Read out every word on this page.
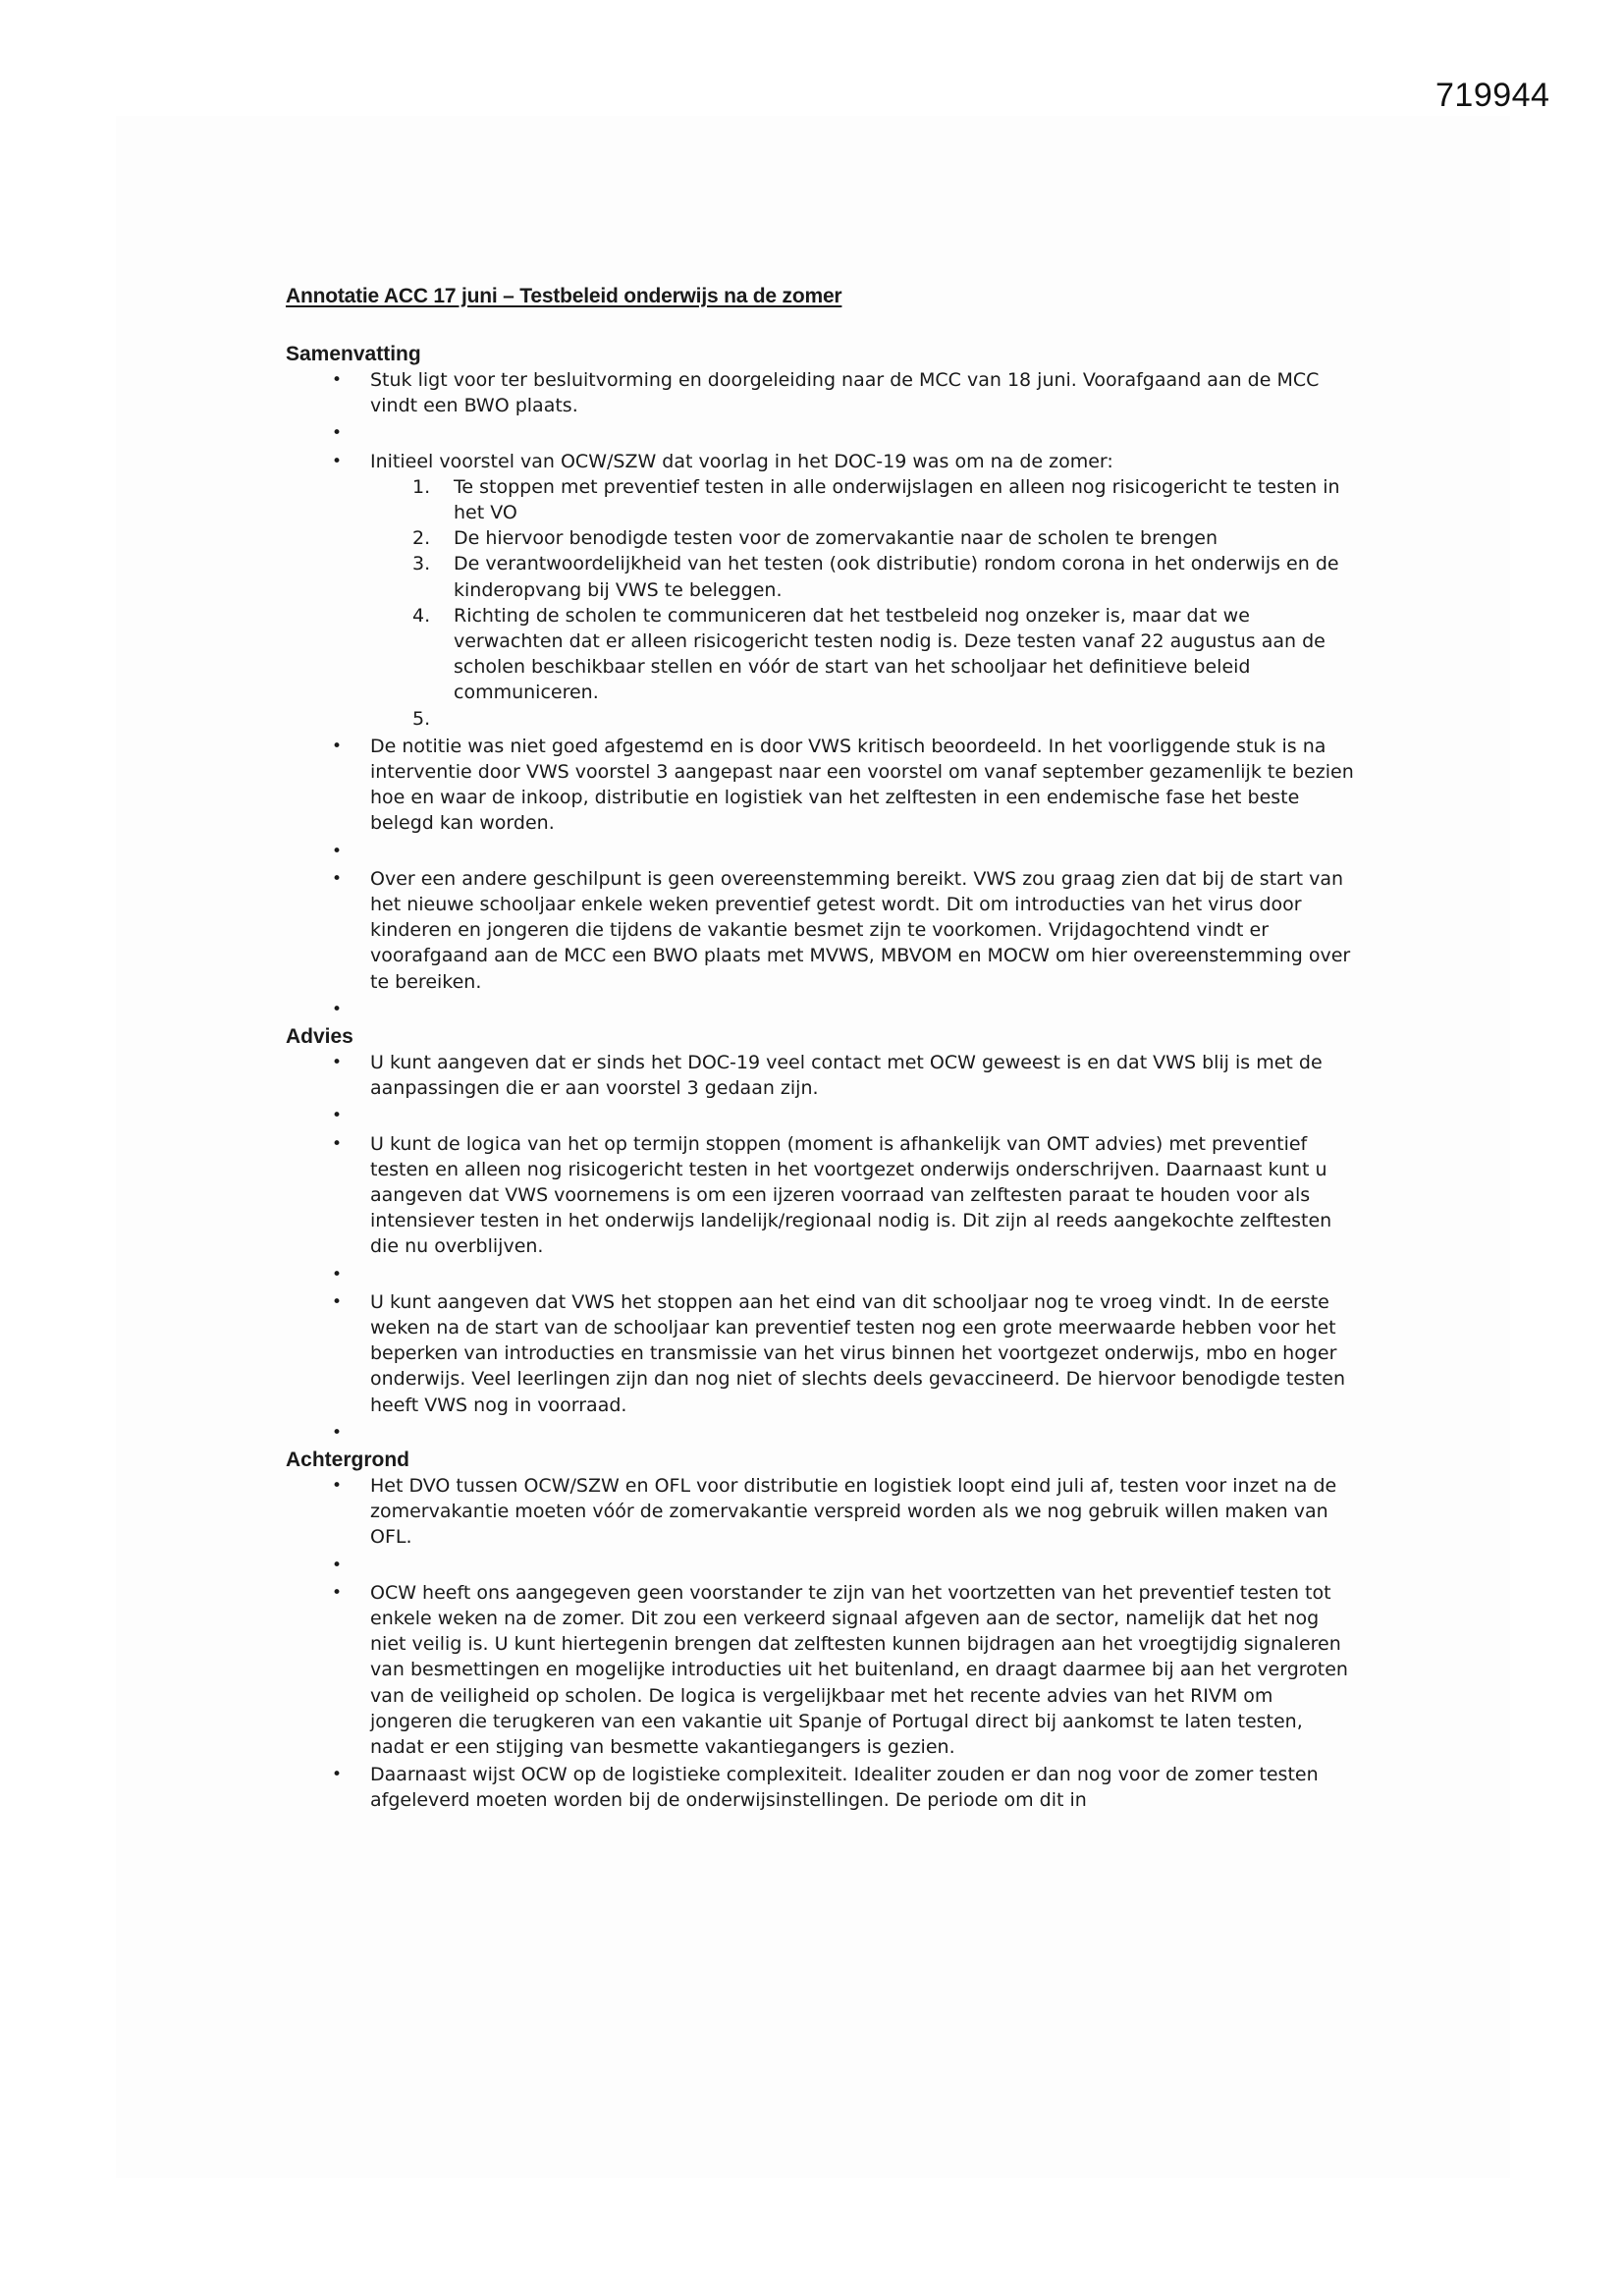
719944
Annotatie ACC 17 juni – Testbeleid onderwijs na de zomer
Samenvatting
• Stuk ligt voor ter besluitvorming en doorgeleiding naar de MCC van 18 juni. Voorafgaand aan de MCC vindt een BWO plaats.
•
• Initieel voorstel van OCW/SZW dat voorlag in het DOC-19 was om na de zomer:
1. Te stoppen met preventief testen in alle onderwijslagen en alleen nog risicogericht te testen in het VO
2. De hiervoor benodigde testen voor de zomervakantie naar de scholen te brengen
3. De verantwoordelijkheid van het testen (ook distributie) rondom corona in het onderwijs en de kinderopvang bij VWS te beleggen.
4. Richting de scholen te communiceren dat het testbeleid nog onzeker is, maar dat we verwachten dat er alleen risicogericht testen nodig is. Deze testen vanaf 22 augustus aan de scholen beschikbaar stellen en vóór de start van het schooljaar het definitieve beleid communiceren.
5.
• De notitie was niet goed afgestemd en is door VWS kritisch beoordeeld. In het voorliggende stuk is na interventie door VWS voorstel 3 aangepast naar een voorstel om vanaf september gezamenlijk te bezien hoe en waar de inkoop, distributie en logistiek van het zelftesten in een endemische fase het beste belegd kan worden.
•
• Over een andere geschilpunt is geen overeenstemming bereikt. VWS zou graag zien dat bij de start van het nieuwe schooljaar enkele weken preventief getest wordt. Dit om introducties van het virus door kinderen en jongeren die tijdens de vakantie besmet zijn te voorkomen. Vrijdagochtend vindt er voorafgaand aan de MCC een BWO plaats met MVWS, MBVOM en MOCW om hier overeenstemming over te bereiken.
•
Advies
• U kunt aangeven dat er sinds het DOC-19 veel contact met OCW geweest is en dat VWS blij is met de aanpassingen die er aan voorstel 3 gedaan zijn.
•
• U kunt de logica van het op termijn stoppen (moment is afhankelijk van OMT advies) met preventief testen en alleen nog risicogericht testen in het voortgezet onderwijs onderschrijven. Daarnaast kunt u aangeven dat VWS voornemens is om een ijzeren voorraad van zelftesten paraat te houden voor als intensiever testen in het onderwijs landelijk/regionaal nodig is. Dit zijn al reeds aangekochte zelftesten die nu overblijven.
•
• U kunt aangeven dat VWS het stoppen aan het eind van dit schooljaar nog te vroeg vindt. In de eerste weken na de start van de schooljaar kan preventief testen nog een grote meerwaarde hebben voor het beperken van introducties en transmissie van het virus binnen het voortgezet onderwijs, mbo en hoger onderwijs. Veel leerlingen zijn dan nog niet of slechts deels gevaccineerd. De hiervoor benodigde testen heeft VWS nog in voorraad.
•
Achtergrond
• Het DVO tussen OCW/SZW en OFL voor distributie en logistiek loopt eind juli af, testen voor inzet na de zomervakantie moeten vóór de zomervakantie verspreid worden als we nog gebruik willen maken van OFL.
•
• OCW heeft ons aangegeven geen voorstander te zijn van het voortzetten van het preventief testen tot enkele weken na de zomer. Dit zou een verkeerd signaal afgeven aan de sector, namelijk dat het nog niet veilig is. U kunt hiertegenin brengen dat zelftesten kunnen bijdragen aan het vroegtijdig signaleren van besmettingen en mogelijke introducties uit het buitenland, en draagt daarmee bij aan het vergroten van de veiligheid op scholen. De logica is vergelijkbaar met het recente advies van het RIVM om jongeren die terugkeren van een vakantie uit Spanje of Portugal direct bij aankomst te laten testen, nadat er een stijging van besmette vakantiegangers is gezien.
• Daarnaast wijst OCW op de logistieke complexiteit. Idealiter zouden er dan nog voor de zomer testen afgeleverd moeten worden bij de onderwijsinstellingen. De periode om dit in
